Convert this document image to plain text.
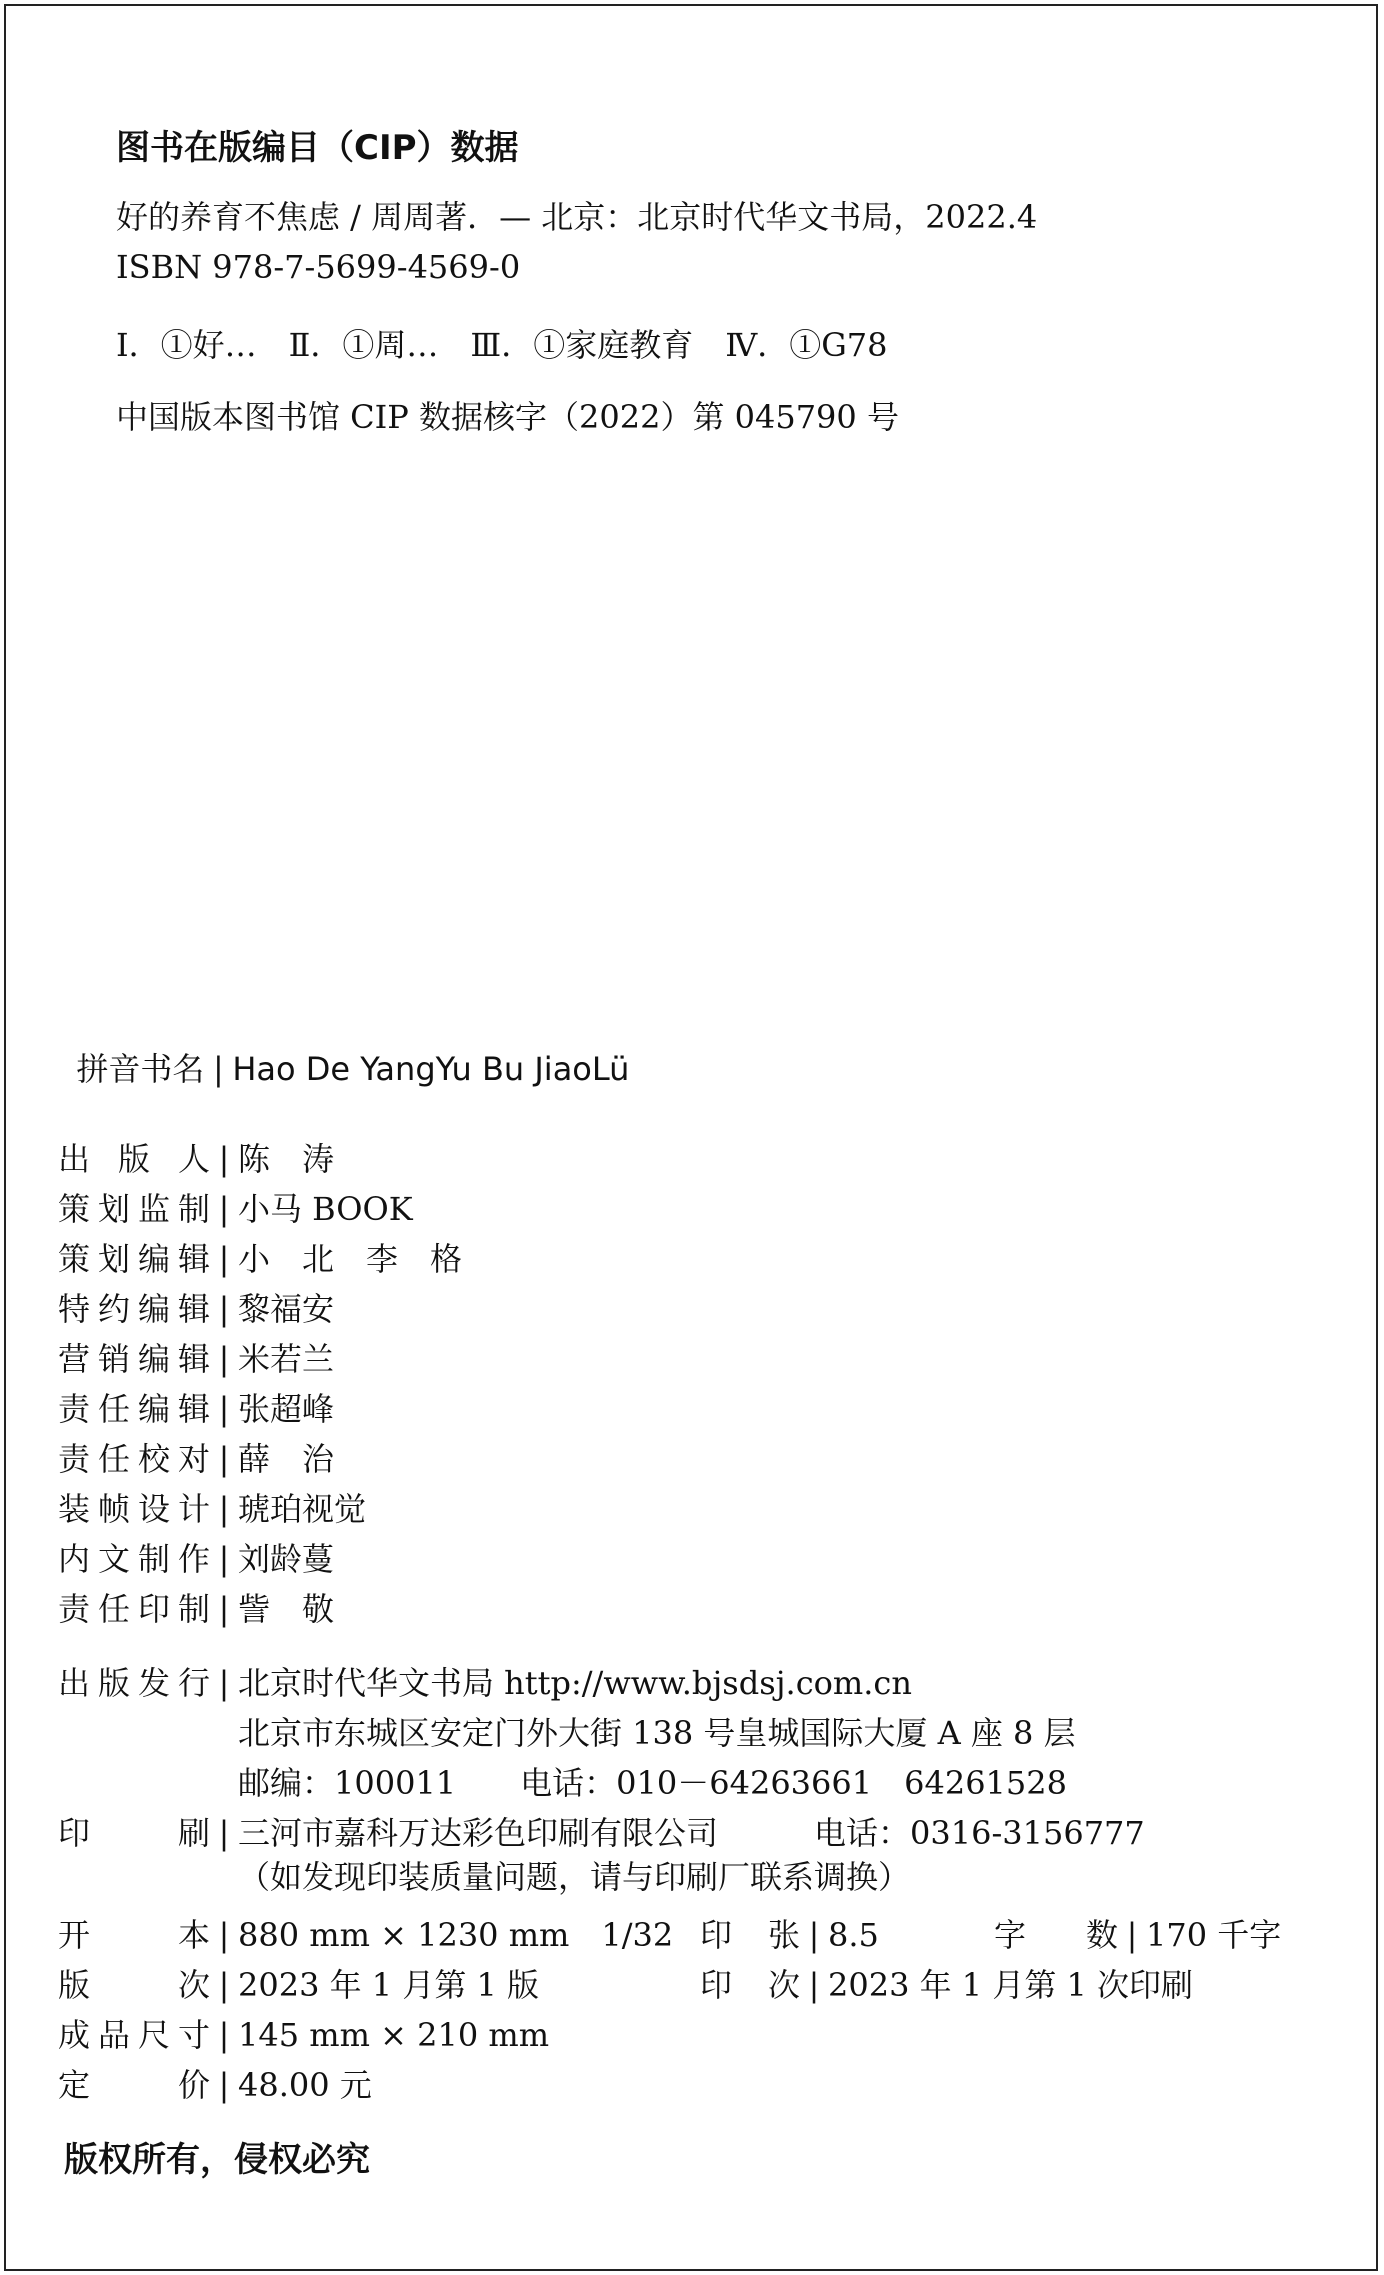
图书在版编目（CIP）数据
好的养育不焦虑 / 周周著．— 北京：北京时代华文书局，2022.4
ISBN 978-7-5699-4569-0
Ⅰ．①好…　Ⅱ．①周…　Ⅲ．①家庭教育　Ⅳ．①G78
中国版本图书馆 CIP 数据核字（2022）第 045790 号

拼音书名 | Hao De YangYu Bu JiaoLü

出版人 | 陈　涛
策划监制 | 小马 BOOK
策划编辑 | 小　北　李　格
特约编辑 | 黎福安
营销编辑 | 米若兰
责任编辑 | 张超峰
责任校对 | 薛　治
装帧设计 | 琥珀视觉
内文制作 | 刘龄蔓
责任印制 | 訾　敬
出版发行 | 北京时代华文书局 http://www.bjsdsj.com.cn
北京市东城区安定门外大街 138 号皇城国际大厦 A 座 8 层
邮编：100011　　电话：010－64263661　64261528
印刷 | 三河市嘉科万达彩色印刷有限公司　　　电话：0316-3156777
（如发现印装质量问题，请与印刷厂联系调换）
开本 | 880 mm × 1230 mm　1/32 印张 | 8.5	字数 | 170 千字
版次 | 2023 年 1 月第 1 版	印次 | 2023 年 1 月第 1 次印刷
成品尺寸 | 145 mm × 210 mm
定价 | 48.00 元
版权所有，侵权必究
